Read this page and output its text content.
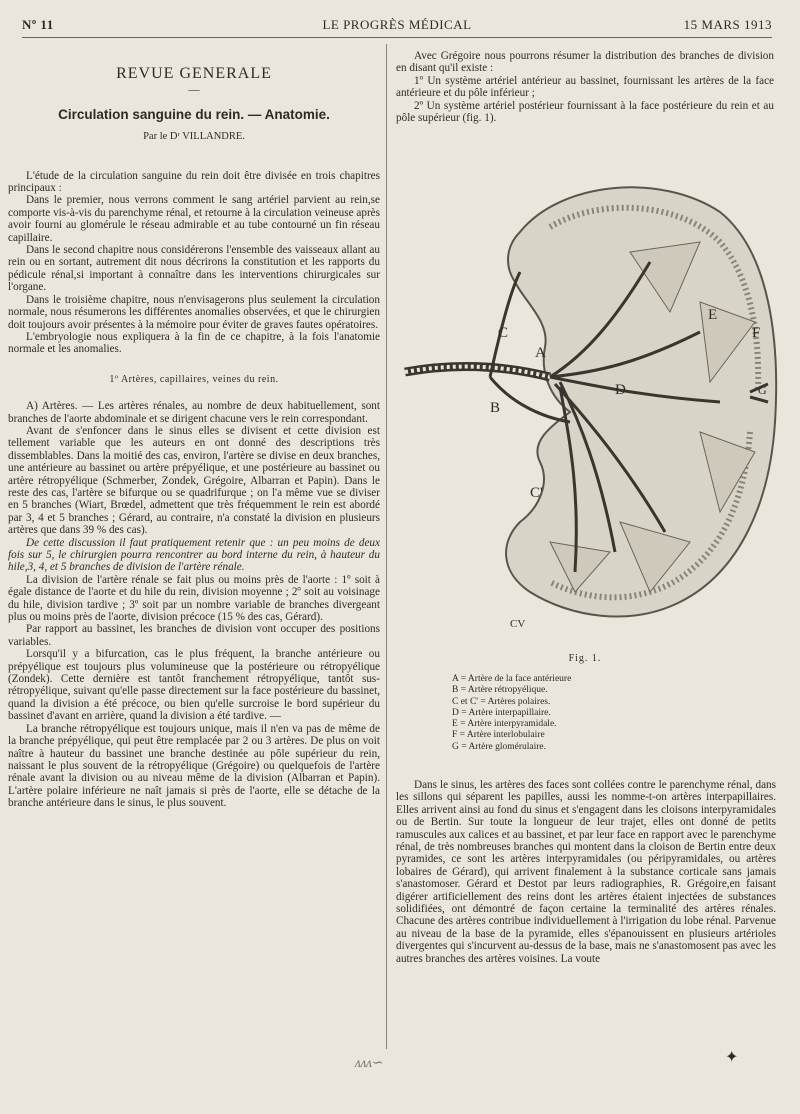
Nº 11	LE PROGRÈS MÉDICAL	15 MARS 1913

REVUE GENERALE

—

Circulation sanguine du rein. — Anatomie.

Par le Dʳ VILLANDRE.

L'étude de la circulation sanguine du rein doit être divisée en trois chapitres principaux :

Dans le premier, nous verrons comment le sang artériel parvient au rein,se comporte vis-à-vis du parenchyme rénal, et retourne à la circulation veineuse après avoir fourni au glomérule le réseau admirable et au tube contourné un fin réseau capillaire.

Dans le second chapitre nous considérerons l'ensemble des vaisseaux allant au rein ou en sortant, autrement dit nous décrirons la constitution et les rapports du pédicule rénal,si important à connaître dans les interventions chirurgicales sur l'organe.

Dans le troisième chapitre, nous n'envisagerons plus seulement la circulation normale, nous résumerons les différentes anomalies observées, et que le chirurgien doit toujours avoir présentes à la mémoire pour éviter de graves fautes opératoires.

L'embryologie nous expliquera à la fin de ce chapitre, à la fois l'anatomie normale et les anomalies.

1º Artères, capillaires, veines du rein.

A) Artères. — Les artères rénales, au nombre de deux habituellement, sont branches de l'aorte abdominale et se dirigent chacune vers le rein correspondant.

Avant de s'enfoncer dans le sinus elles se divisent et cette division est tellement variable que les auteurs en ont donné des descriptions très dissemblables. Dans la moitié des cas, environ, l'artère se divise en deux branches, une antérieure au bassinet ou artère prépyélique, et une postérieure au bassinet ou artère rétropyélique (Schmerber, Zondek, Grégoire, Albarran et Papin). Dans le reste des cas, l'artère se bifurque ou se quadrifurque ; on l'a même vue se diviser en 5 branches (Wiart, Brœdel, admettent que très fréquemment le rein est abordé par 3, 4 et 5 branches ; Gérard, au contraire, n'a constaté la division en plusieurs artères que dans 39 % des cas).

De cette discussion il faut pratiquement retenir que : un peu moins de deux fois sur 5, le chirurgien pourra rencontrer au bord interne du rein, à hauteur du hile,3, 4, et 5 branches de division de l'artère rénale.

La division de l'artère rénale se fait plus ou moins près de l'aorte : 1º soit à égale distance de l'aorte et du hile du rein, division moyenne ; 2º soit au voisinage du hile, division tardive ; 3º soit par un nombre variable de branches divergeant plus ou moins près de l'aorte, division précoce (15 % des cas, Gérard).

Par rapport au bassinet, les branches de division vont occuper des positions variables.

Lorsqu'il y a bifurcation, cas le plus fréquent, la branche antérieure ou prépyélique est toujours plus volumineuse que la postérieure ou rétropyélique (Zondek). Cette dernière est tantôt franchement rétropyélique, tantôt sus-rétropyélique, suivant qu'elle passe directement sur la face postérieure du bassinet, quand la division a été précoce, ou bien qu'elle surcroise le bord supérieur du bassinet d'avant en arrière, quand la division a été tardive. —

La branche rétropyélique est toujours unique, mais il n'en va pas de même de la branche prépyélique, qui peut être remplacée par 2 ou 3 artères. De plus on voit naître à hauteur du bassinet une branche destinée au pôle supérieur du rein, naissant le plus souvent de la rétropyélique (Grégoire) ou quelquefois de l'artère rénale avant la division ou au niveau même de la division (Albarran et Papin). L'artère polaire inférieure ne naît jamais si près de l'aorte, elle se détache de la branche antérieure dans le sinus, le plus souvent.

Avec Grégoire nous pourrons résumer la distribution des branches de division en disant qu'il existe :

1º Un système artériel antérieur au bassinet, fournissant les artères de la face antérieure et du pôle inférieur ;

2º Un système artériel postérieur fournissant à la face postérieure du rein et au pôle supérieur (fig. 1).

C
A
B
C'
D
E
F
G
CV
Fig. 1.
A = Artère de la face antérieure
B = Artère rétropyélique.
C et C' = Artères polaires.
D = Artère interpapillaire.
E = Artère interpyramidale.
F = Artère interlobulaire
G = Artère glomérulaire.

Dans le sinus, les artères des faces sont collées contre le parenchyme rénal, dans les sillons qui séparent les papilles, aussi les nomme-t-on artères interpapillaires. Elles arrivent ainsi au fond du sinus et s'engagent dans les cloisons interpyramidales ou de Bertin. Sur toute la longueur de leur trajet, elles ont donné de petits ramuscules aux calices et au bassinet, et par leur face en rapport avec le parenchyme rénal, de très nombreuses branches qui montent dans la cloison de Bertin entre deux pyramides, ce sont les artères interpyramidales (ou péripyramidales, ou artères lobaires de Gérard), qui arrivent finalement à la substance corticale sans jamais s'anastomoser. Gérard et Destot par leurs radiographies, R. Grégoire,en faisant digérer artificiellement des reins dont les artères étaient injectées de substances solidifiées, ont démontré de façon certaine la terminalité des artères rénales. Chacune des artères contribue individuellement à l'irrigation du lobe rénal. Parvenue au niveau de la base de la pyramide, elles s'épanouissent en plusieurs artérioles divergentes qui s'incurvent au-dessus de la base, mais ne s'anastomosent pas avec les autres branches des artères voisines. La voute

ᴧᴧᴧ∽	✦
